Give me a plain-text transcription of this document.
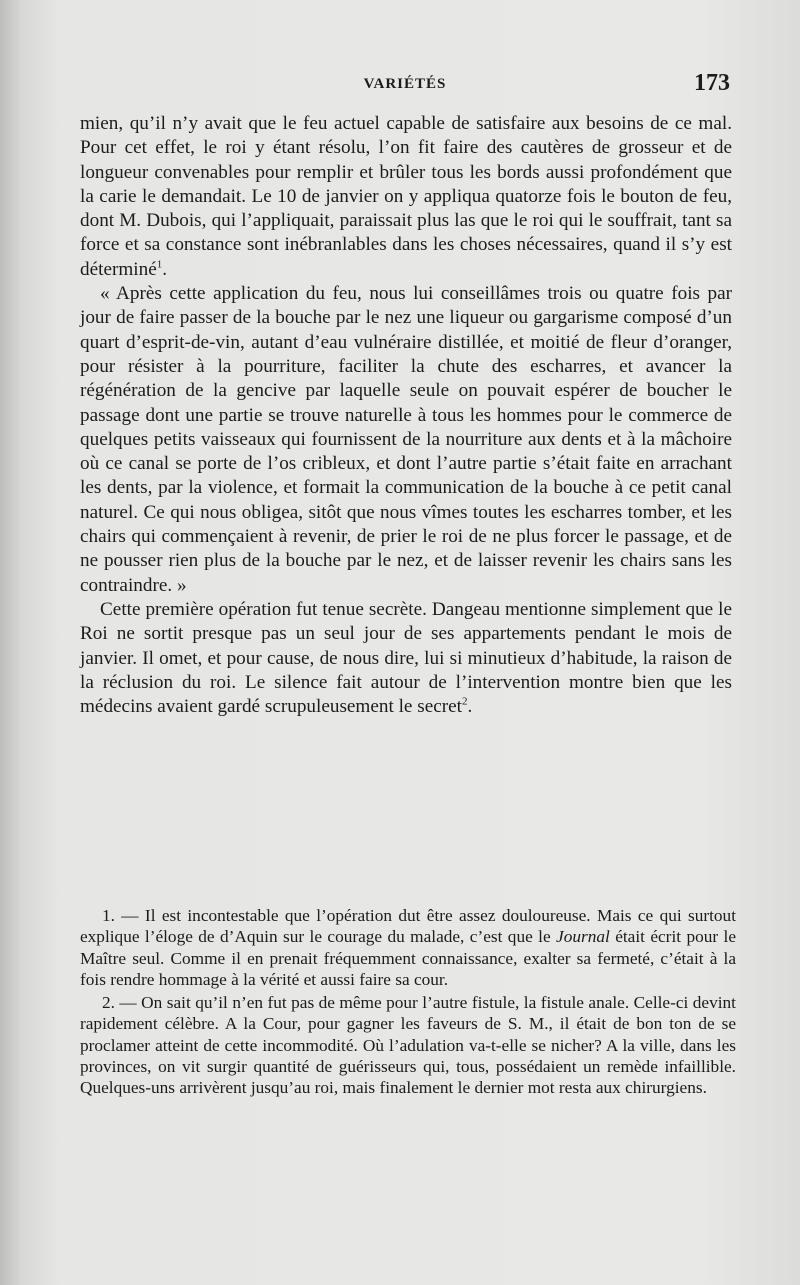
VARIÉTÉS	173

mien, qu’il n’y avait que le feu actuel capable de satisfaire aux besoins de ce mal. Pour cet effet, le roi y étant résolu, l’on fit faire des cautères de grosseur et de longueur convenables pour remplir et brûler tous les bords aussi profondément que la carie le demandait. Le 10 de janvier on y appliqua quatorze fois le bouton de feu, dont M. Dubois, qui l’appliquait, paraissait plus las que le roi qui le souffrait, tant sa force et sa constance sont inébranlables dans les choses nécessaires, quand il s’y est déterminé$^1$.

« Après cette application du feu, nous lui conseillâmes trois ou quatre fois par jour de faire passer de la bouche par le nez une liqueur ou gargarisme composé d’un quart d’esprit-de-vin, autant d’eau vulnéraire distillée, et moitié de fleur d’oranger, pour résister à la pourriture, faciliter la chute des escharres, et avancer la régénération de la gencive par laquelle seule on pouvait espérer de boucher le passage dont une partie se trouve naturelle à tous les hommes pour le commerce de quelques petits vaisseaux qui fournissent de la nourriture aux dents et à la mâchoire où ce canal se porte de l’os cribleux, et dont l’autre partie s’était faite en arrachant les dents, par la violence, et formait la communication de la bouche à ce petit canal naturel. Ce qui nous obligea, sitôt que nous vîmes toutes les escharres tomber, et les chairs qui commençaient à revenir, de prier le roi de ne plus forcer le passage, et de ne pousser rien plus de la bouche par le nez, et de laisser revenir les chairs sans les contraindre. »

Cette première opération fut tenue secrète. Dangeau mentionne simplement que le Roi ne sortit presque pas un seul jour de ses appartements pendant le mois de janvier. Il omet, et pour cause, de nous dire, lui si minutieux d’habitude, la raison de la réclusion du roi. Le silence fait autour de l’intervention montre bien que les médecins avaient gardé scrupuleusement le secret$^2$.

1. — Il est incontestable que l’opération dut être assez douloureuse. Mais ce qui surtout explique l’éloge de d’Aquin sur le courage du malade, c’est que le Journal était écrit pour le Maître seul. Comme il en prenait fréquemment connaissance, exalter sa fermeté, c’était à la fois rendre hommage à la vérité et aussi faire sa cour.

2. — On sait qu’il n’en fut pas de même pour l’autre fistule, la fistule anale. Celle-ci devint rapidement célèbre. A la Cour, pour gagner les faveurs de S. M., il était de bon ton de se proclamer atteint de cette incommodité. Où l’adulation va-t-elle se nicher? A la ville, dans les provinces, on vit surgir quantité de guérisseurs qui, tous, possédaient un remède infaillible. Quelques-uns arrivèrent jusqu’au roi, mais finalement le dernier mot resta aux chirurgiens.
